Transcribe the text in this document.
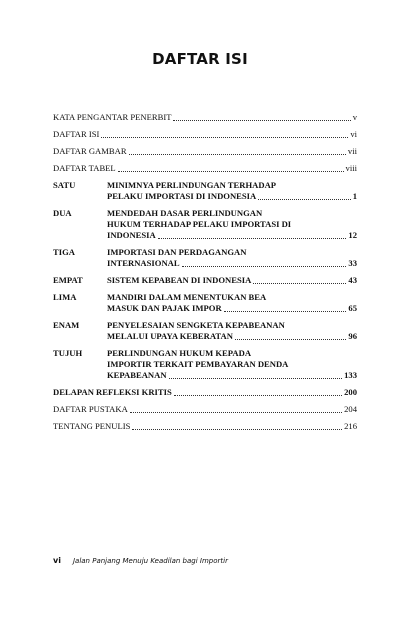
DAFTAR ISI
KATA PENGANTAR PENERBIT	v
DAFTAR ISI	vi
DAFTAR GAMBAR	vii
DAFTAR TABEL	viii
SATU	MINIMNYA PERLINDUNGAN TERHADAP
PELAKU IMPORTASI DI INDONESIA	1
DUA	MENDEDAH DASAR PERLINDUNGAN
HUKUM TERHADAP PELAKU IMPORTASI DI
INDONESIA	12
TIGA	IMPORTASI DAN PERDAGANGAN
INTERNASIONAL	33
EMPAT	SISTEM KEPABEAN DI INDONESIA	43
LIMA	MANDIRI DALAM MENENTUKAN BEA
MASUK DAN PAJAK IMPOR	65
ENAM	PENYELESAIAN SENGKETA KEPABEANAN
MELALUI UPAYA KEBERATAN	96
TUJUH	PERLINDUNGAN HUKUM KEPADA
IMPORTIR TERKAIT PEMBAYARAN DENDA
KEPABEANAN	133
DELAPAN REFLEKSI KRITIS	200
DAFTAR PUSTAKA	204
TENTANG PENULIS	216
vi Jalan Panjang Menuju Keadilan bagi Importir
